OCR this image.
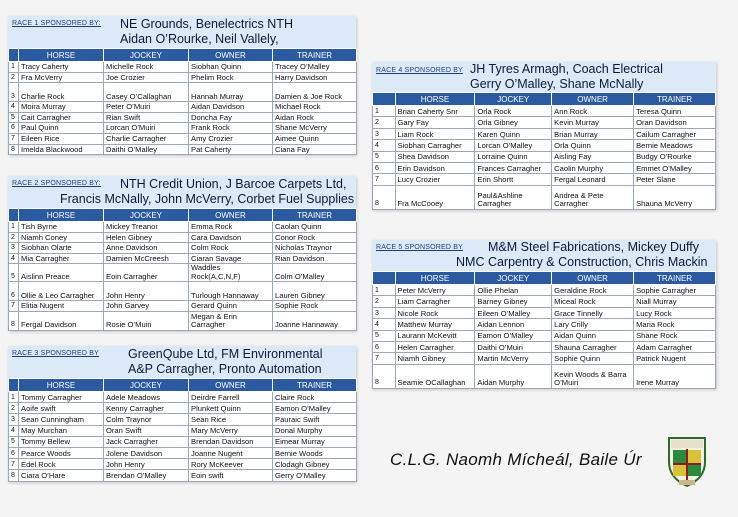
RACE 1 SPONSORED BY: NE Grounds, Benelectrics NTH
Aidan O’Rourke, Neil Vallely,
	HORSE	JOCKEY	OWNER	TRAINER
1	Tracy Caherty	Michelle Rock	Siobhan Quinn	Tracey O’Malley
2	Fra McVerry	Joe Crozier	Phelim Rock	Harry Davidson
3	Charlie Rock	Casey O’Callaghan	Hannah Murray	Damien & Joe Rock
4	Moira Murray	Peter O’Muiri	Aidan Davidson	Michael Rock
5	Cait Carragher	Rian Swift	Doncha Fay	Aidan Rock
6	Paul Quinn	Lorcan O’Muiri	Frank Rock	Shane McVerry
7	Eileen Rice	Charlie Carragher	Amy Crozier	Aimee Quinn
8	Imelda Blackwood	Daithi O’Malley	Pat Caherty	Ciana Fay
RACE 2 SPONSORED BY: NTH Credit Union, J Barcoe Carpets Ltd,
Francis McNally, John McVerry, Corbet Fuel Supplies
	HORSE	JOCKEY	OWNER	TRAINER
1	Tish Byrne	Mickey Treanor	Emma Rock	Caolan Quinn
2	Niamh Coney	Helen Gibney	Cara Davidson	Conor Rock
3	Siobhan Olarte	Anne Davidson	Colm Rock	Nicholas Traynor
4	Mia Carragher	Damien McCreesh	Ciaran Savage	Rian Davidson
5	Aislinn Preace	Eoin Carragher	Waddles Rock(A,C,N,F)	Colm O’Malley
6	Ollie & Leo Carragher	John Henry	Turlough Hannaway	Lauren Gibney
7	Elitia Nugent	John Garvey	Gerard Quinn	Sophie Rock
8	Fergal Davidson	Rosie O’Muiri	Megan & Erin Carragher	Joanne Hannaway
RACE 3 SPONSORED BY GreenQube Ltd, FM Environmental
A&P Carragher, Pronto Automation
	HORSE	JOCKEY	OWNER	TRAINER
1	Tommy Carragher	Adele Meadows	Deirdre Farrell	Claire Rock
2	Aoife swift	Kenny Carragher	Plunkett Quinn	Eamon O’Malley
3	Sean Cunningham	Colm Traynor	Sean Rice	Pauraic Swift
4	May Murchan	Oran Swift	Mary McVerry	Donal Murphy
5	Tommy Bellew	Jack Carragher	Brendan Davidson	Eimear Murray
6	Pearce Woods	Jolene Davidson	Joanne Nugent	Bernie Woods
7	Edel Rock	John Henry	Rory McKeever	Clodagh Gibney
8	Ciara O’Hare	Brendan O’Malley	Eoin swift	Gerry O’Malley
RACE 4 SPONSORED BY JH Tyres Armagh, Coach Electrical
Gerry O’Malley, Shane McNally
	HORSE	JOCKEY	OWNER	TRAINER
1	Brian Caherty Snr	Orla Rock	Ann Rock	Teresa Quinn
2	Gary Fay	Orla Gibney	Kevin Murray	Oran Davidson
3	Liam Rock	Karen Quinn	Brian Murray	Cailum Carragher
4	Siobhan Carragher	Lorcan O’Malley	Orla Quinn	Bernie Meadows
5	Shea Davidson	Lorraine Quinn	Aisling Fay	Budgy O’Rourke
6	Erin Davidson	Frances Carragher	Caolin Murphy	Emmet O’Malley
7	Lucy Crozier	Erin Shortt	Fergal Leonard	Peter Slane
8	Fra McCooey	Paul&Ashline Carragher	Andrea & Pete Carragher	Shauna McVerry
RACE 5 SPONSORED BY M&M Steel Fabrications, Mickey Duffy
NMC Carpentry & Construction, Chris Mackin
	HORSE	JOCKEY	OWNER	TRAINER
1	Peter McVerry	Ollie Phelan	Geraldine Rock	Sophie Carragher
2	Liam Carragher	Barney Gibney	Miceal Rock	Niall Murray
3	Nicole Rock	Eileen O’Malley	Grace Tinnelly	Lucy Rock
4	Matthew Murray	Aidan Lennon	Lary Crilly	Maria Rock
5	Laurann McKevitt	Eamon O’Malley	Aidan Quinn	Shane Rock
6	Helen Carragher	Daithi O’Muiri	Shauna Carragher	Adam Carragher
7	Niamh Gibney	Martin McVerry	Sophie Quinn	Patrick Nugent
8	Seamie OCallaghan	Aidan Murphy	Kevin Woods & Barra O’Muiri	Irene Murray
C.L.G. Naomh Mícheál, Baile Úr
